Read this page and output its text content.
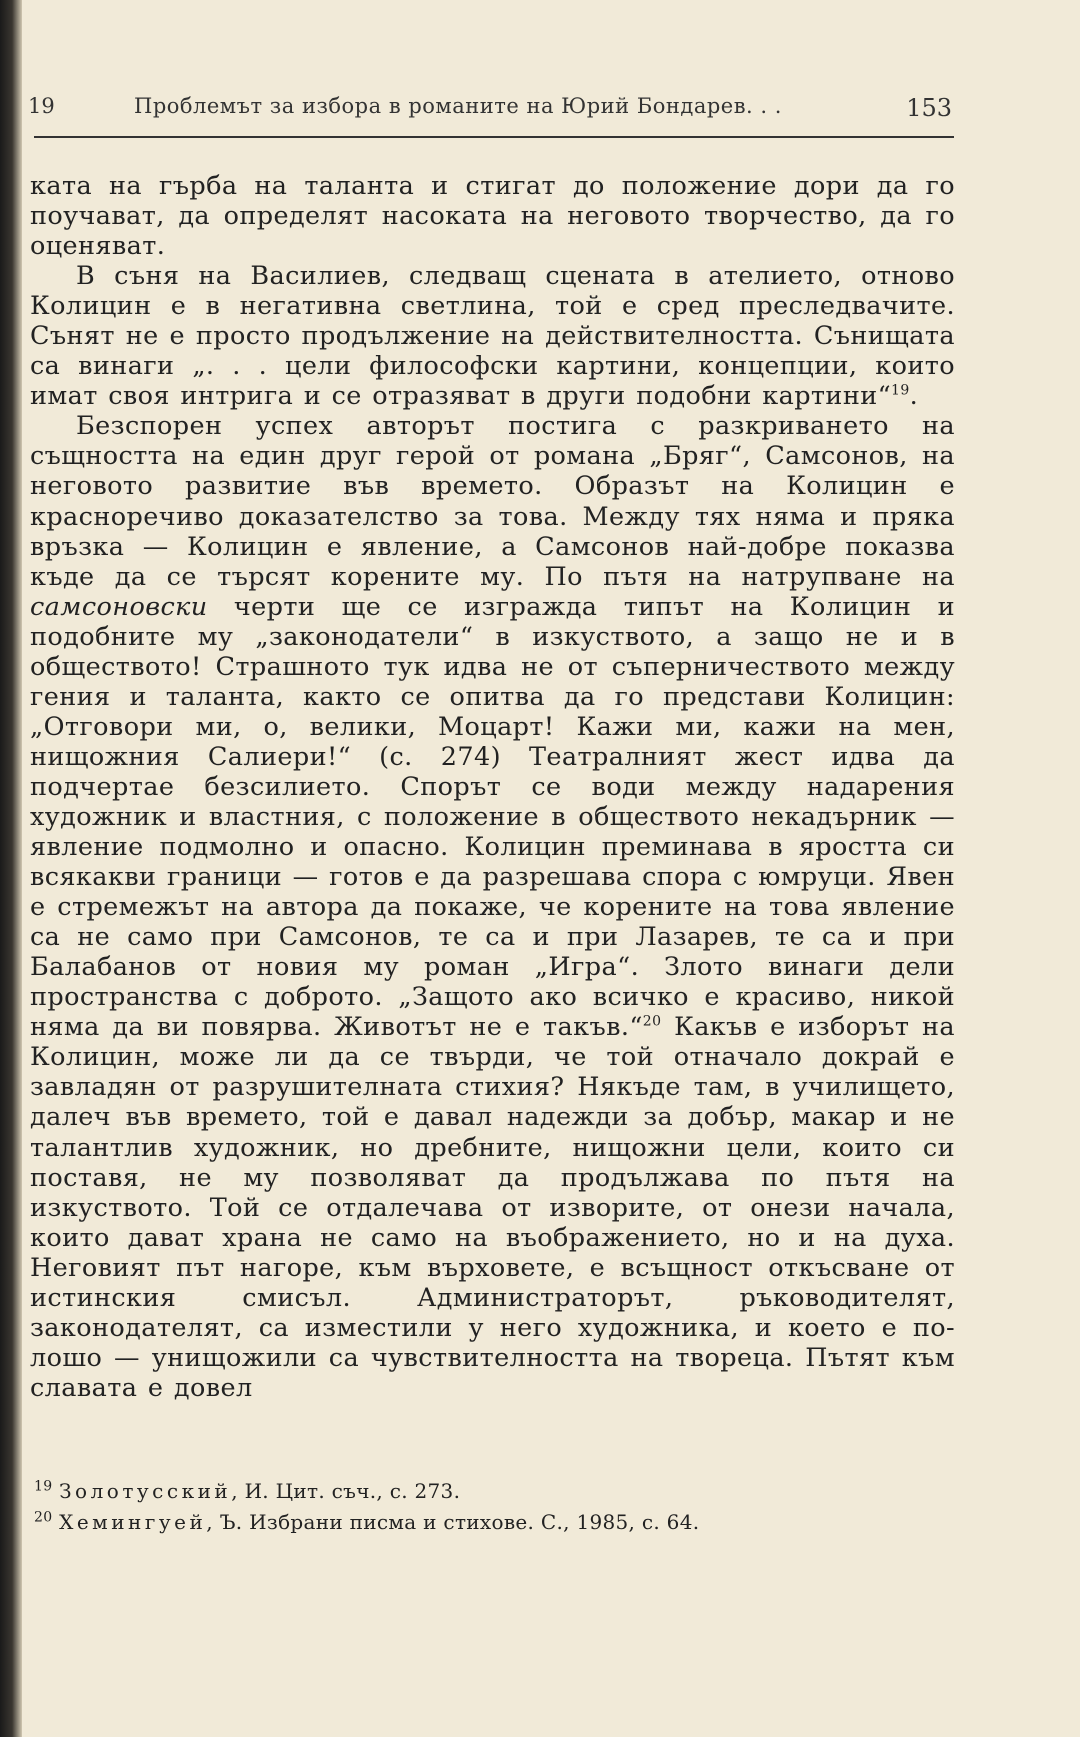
19	Проблемът за избора в романите на Юрий Бондарев. . .	153

ката на гърба на таланта и стигат до положение дори да го поучават, да определят насоката на неговото творчество, да го оценяват.

В съня на Василиев, следващ сцената в ателието, отново Колицин е в негативна светлина, той е сред преследвачите. Сънят не е просто продължение на действителността. Сънищата са винаги „. . . цели философски картини, концепции, които имат своя интрига и се отразяват в други подобни картини“$^{19}$.

Безспорен успех авторът постига с разкриването на същността на един друг герой от романа „Бряг“, Самсонов, на неговото развитие във времето. Образът на Колицин е красноречиво доказателство за това. Между тях няма и пряка връзка — Колицин е явление, а Самсонов най-добре показва къде да се търсят корените му. По пътя на натрупване на самсоновски черти ще се изгражда типът на Колицин и подобните му „законодатели“ в изкуството, а защо не и в обществото! Страшното тук идва не от съперничеството между гения и таланта, както се опитва да го представи Колицин: „Отговори ми, о, велики, Моцарт! Кажи ми, кажи на мен, нищожния Салиери!“ (с. 274) Театралният жест идва да подчертае безсилието. Спорът се води между надарения художник и властния, с положение в обществото некадърник — явление подмолно и опасно. Колицин преминава в яростта си всякакви граници — готов е да разрешава спора с юмруци. Явен е стремежът на автора да покаже, че корените на това явление са не само при Самсонов, те са и при Лазарев, те са и при Балабанов от новия му роман „Игра“. Злото винаги дели пространства с доброто. „Защото ако всичко е красиво, никой няма да ви повярва. Животът не е такъв.“$^{20}$ Какъв е изборът на Колицин, може ли да се твърди, че той отначало докрай е завладян от разрушителната стихия? Някъде там, в училището, далеч във времето, той е давал надежди за добър, макар и не талантлив художник, но дребните, нищожни цели, които си поставя, не му позволяват да продължава по пътя на изкуството. Той се отдалечава от изворите, от онези начала, които дават храна не само на въображението, но и на духа. Неговият път нагоре, към върховете, е всъщност откъсване от истинския смисъл. Администраторът, ръководителят, законодателят, са изместили у него художника, и което е по-лошо — унищожили са чувствителността на твореца. Пътят към славата е довел

$^{19}$ Золотусский, И. Цит. съч., с. 273.
$^{20}$ Хемингуей, Ъ. Избрани писма и стихове. С., 1985, с. 64.
